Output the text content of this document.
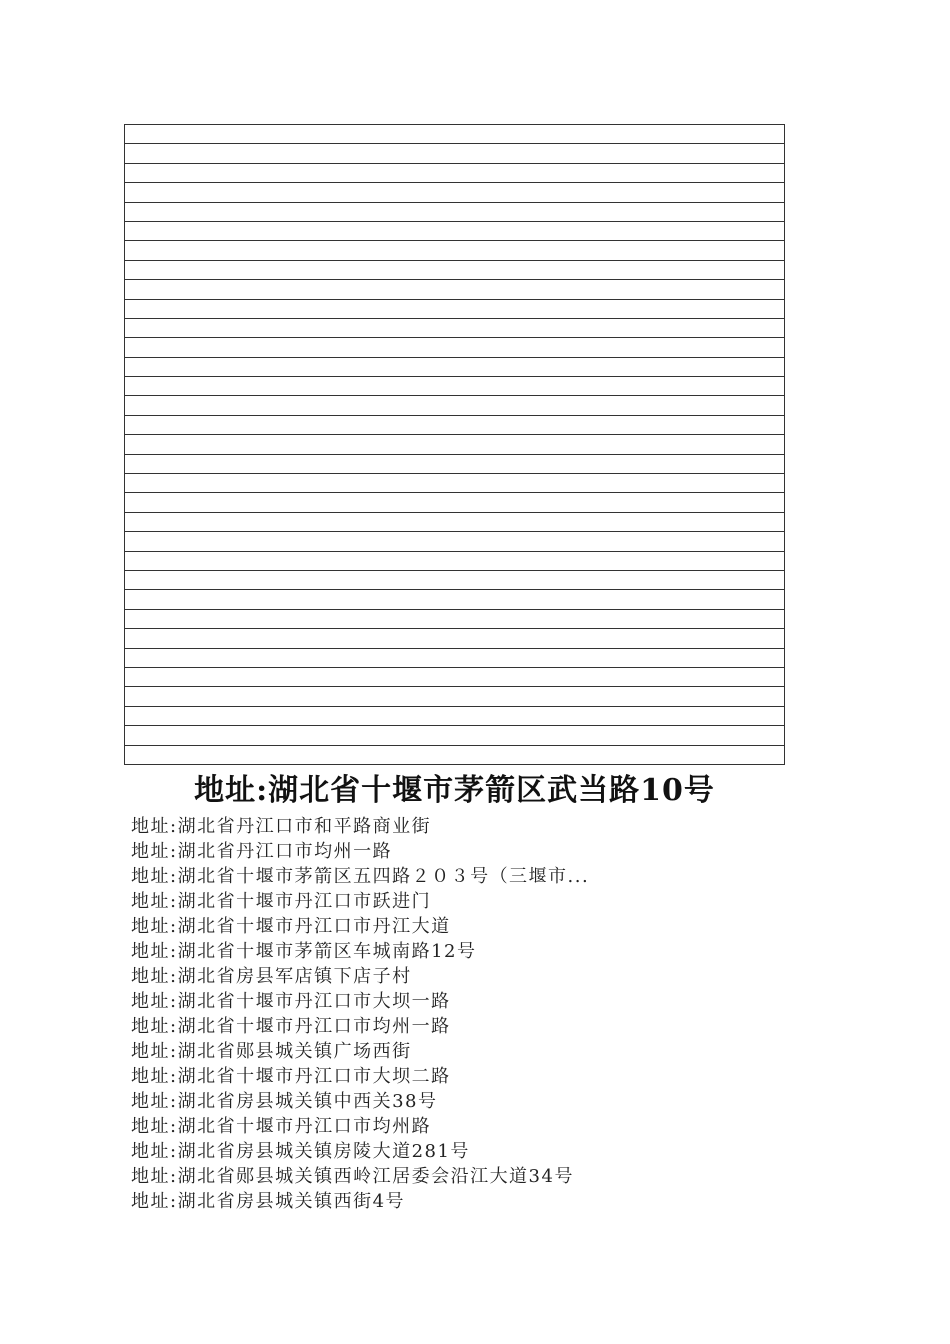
地址:湖北省十堰市茅箭区武当路10号
地址:湖北省丹江口市和平路商业街
地址:湖北省丹江口市均州一路
地址:湖北省十堰市茅箭区五四路２０３号（三堰市...
地址:湖北省十堰市丹江口市跃进门
地址:湖北省十堰市丹江口市丹江大道
地址:湖北省十堰市茅箭区车城南路12号
地址:湖北省房县军店镇下店子村
地址:湖北省十堰市丹江口市大坝一路
地址:湖北省十堰市丹江口市均州一路
地址:湖北省郧县城关镇广场西街
地址:湖北省十堰市丹江口市大坝二路
地址:湖北省房县城关镇中西关38号
地址:湖北省十堰市丹江口市均州路
地址:湖北省房县城关镇房陵大道281号
地址:湖北省郧县城关镇西岭江居委会沿江大道34号
地址:湖北省房县城关镇西街4号
